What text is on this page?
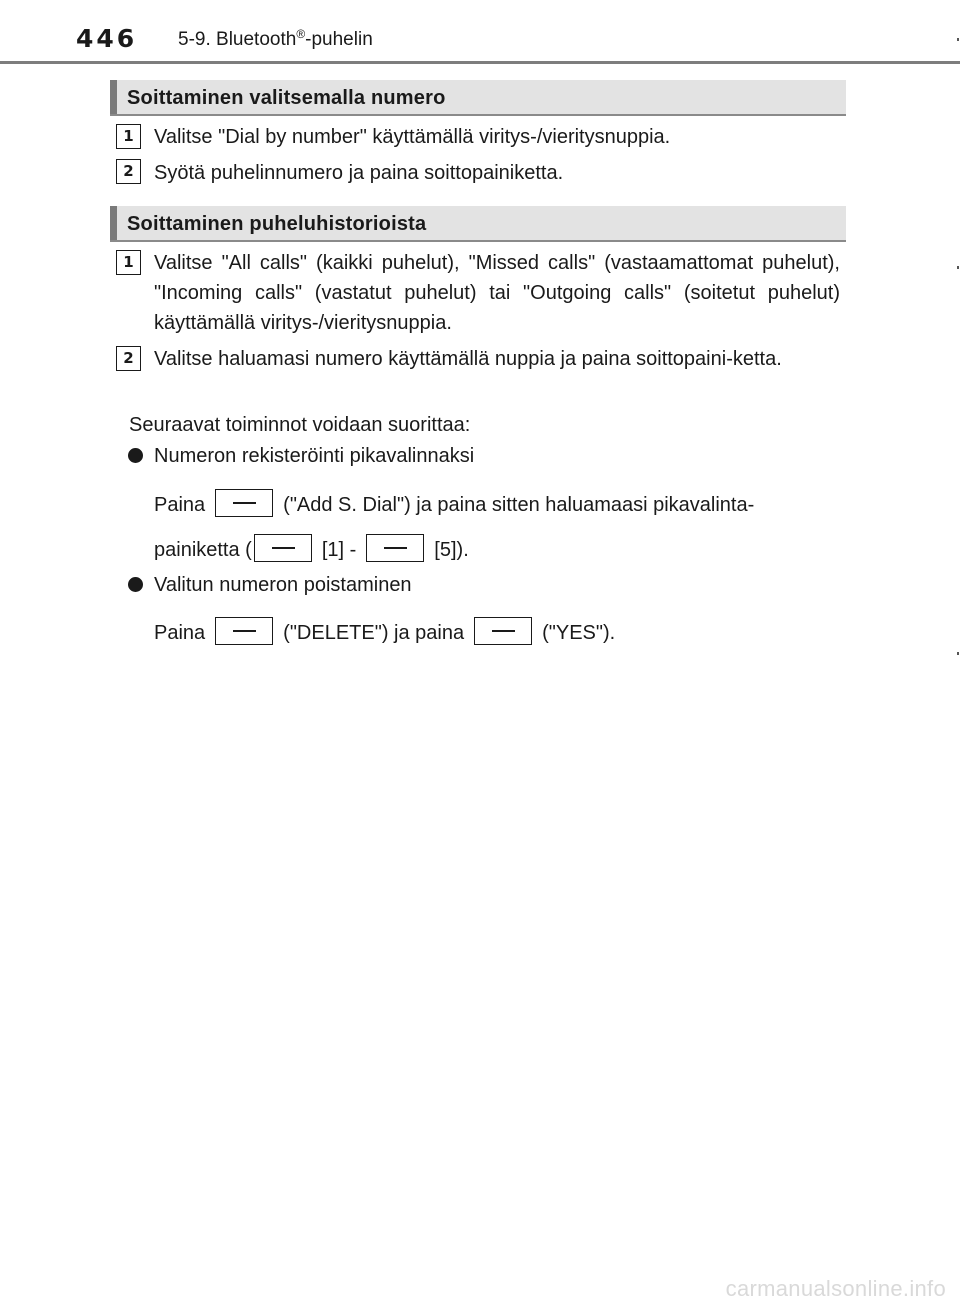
446 5-9. Bluetooth®-puhelin
Soittaminen valitsemalla numero
1	Valitse "Dial by number" käyttämällä viritys-/vieritysnuppia.
2	Syötä puhelinnumero ja paina soittopainiketta.
Soittaminen puheluhistorioista
1	Valitse "All calls" (kaikki puhelut), "Missed calls" (vastaamattomat puhelut), "Incoming calls" (vastatut puhelut) tai "Outgoing calls" (soitetut puhelut) käyttämällä viritys-/vieritysnuppia.
2	Valitse haluamasi numero käyttämällä nuppia ja paina soittopaini-ketta.
Seuraavat toiminnot voidaan suorittaa:
Numeron rekisteröinti pikavalinnaksi
Paina	("Add S. Dial") ja paina sitten haluamaasi pikavalinta-
painiketta (	[1] -	[5]).
Valitun numeron poistaminen
Paina	("DELETE") ja paina	("YES").
carmanualsonline.info
